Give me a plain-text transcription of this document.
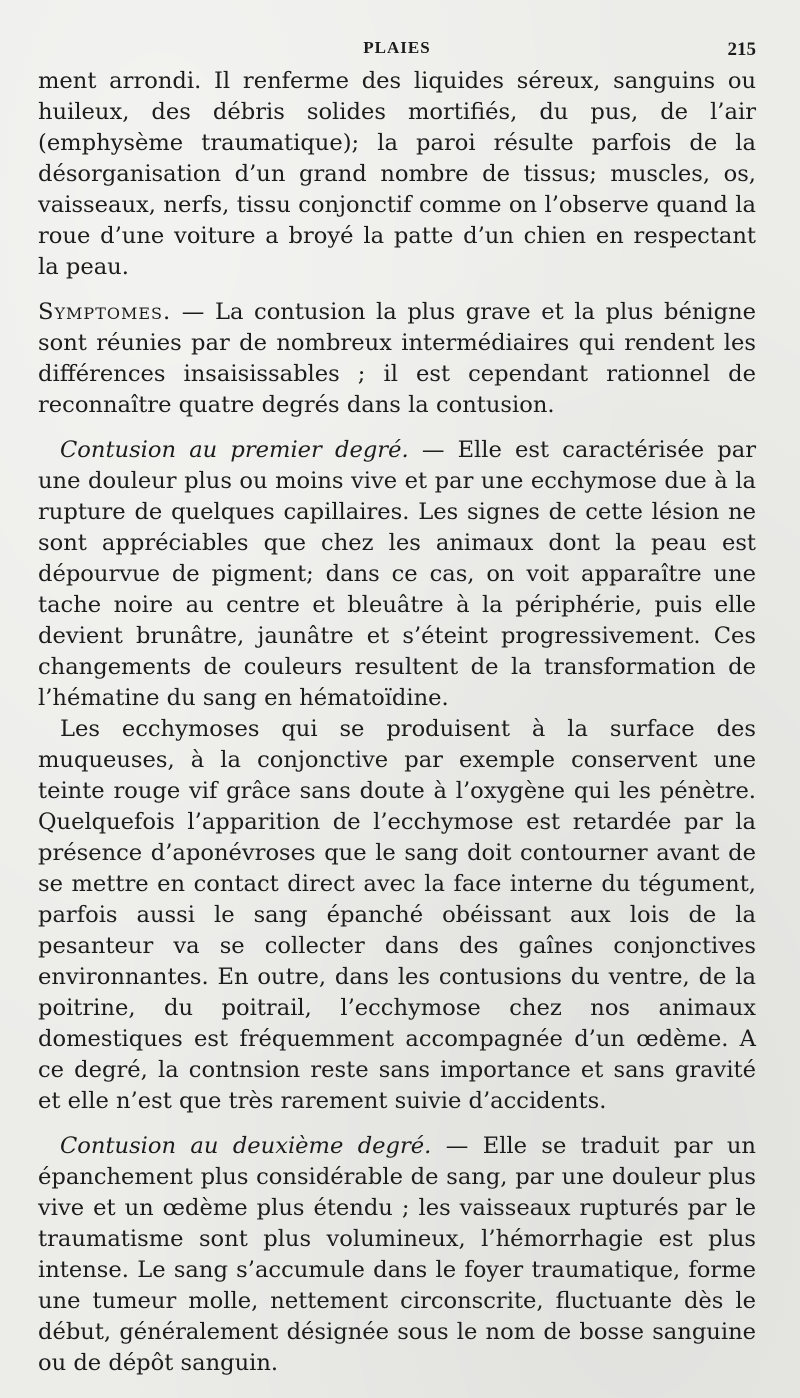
PLAIES	215

ment arrondi. Il renferme des liquides séreux, sanguins ou huileux, des débris solides mortifiés, du pus, de l’air (emphysème traumatique); la paroi résulte parfois de la désorganisation d’un grand nombre de tissus; muscles, os, vaisseaux, nerfs, tissu conjonctif comme on l’observe quand la roue d’une voiture a broyé la patte d’un chien en respectant la peau.

Symptomes. — La contusion la plus grave et la plus bénigne sont réunies par de nombreux intermédiaires qui rendent les différences insaisissables ; il est cependant rationnel de reconnaître quatre degrés dans la contusion.

Contusion au premier degré. — Elle est caractérisée par une douleur plus ou moins vive et par une ecchymose due à la rupture de quelques capillaires. Les signes de cette lésion ne sont appréciables que chez les animaux dont la peau est dépourvue de pigment; dans ce cas, on voit apparaître une tache noire au centre et bleuâtre à la périphérie, puis elle devient brunâtre, jaunâtre et s’éteint progressivement. Ces changements de couleurs resultent de la transformation de l’hématine du sang en hématoïdine.

Les ecchymoses qui se produisent à la surface des muqueuses, à la conjonctive par exemple conservent une teinte rouge vif grâce sans doute à l’oxygène qui les pénètre. Quelquefois l’apparition de l’ecchymose est retardée par la présence d’aponévroses que le sang doit contourner avant de se mettre en contact direct avec la face interne du tégument, parfois aussi le sang épanché obéissant aux lois de la pesanteur va se collecter dans des gaînes conjonctives environnantes. En outre, dans les contusions du ventre, de la poitrine, du poitrail, l’ecchymose chez nos animaux domestiques est fréquemment accompagnée d’un œdème. A ce degré, la contnsion reste sans importance et sans gravité et elle n’est que très rarement suivie d’accidents.

Contusion au deuxième degré. — Elle se traduit par un épanchement plus considérable de sang, par une douleur plus vive et un œdème plus étendu ; les vaisseaux rupturés par le traumatisme sont plus volumineux, l’hémorrhagie est plus intense. Le sang s’accumule dans le foyer traumatique, forme une tumeur molle, nettement circonscrite, fluctuante dès le début, généralement désignée sous le nom de bosse sanguine ou de dépôt sanguin.
